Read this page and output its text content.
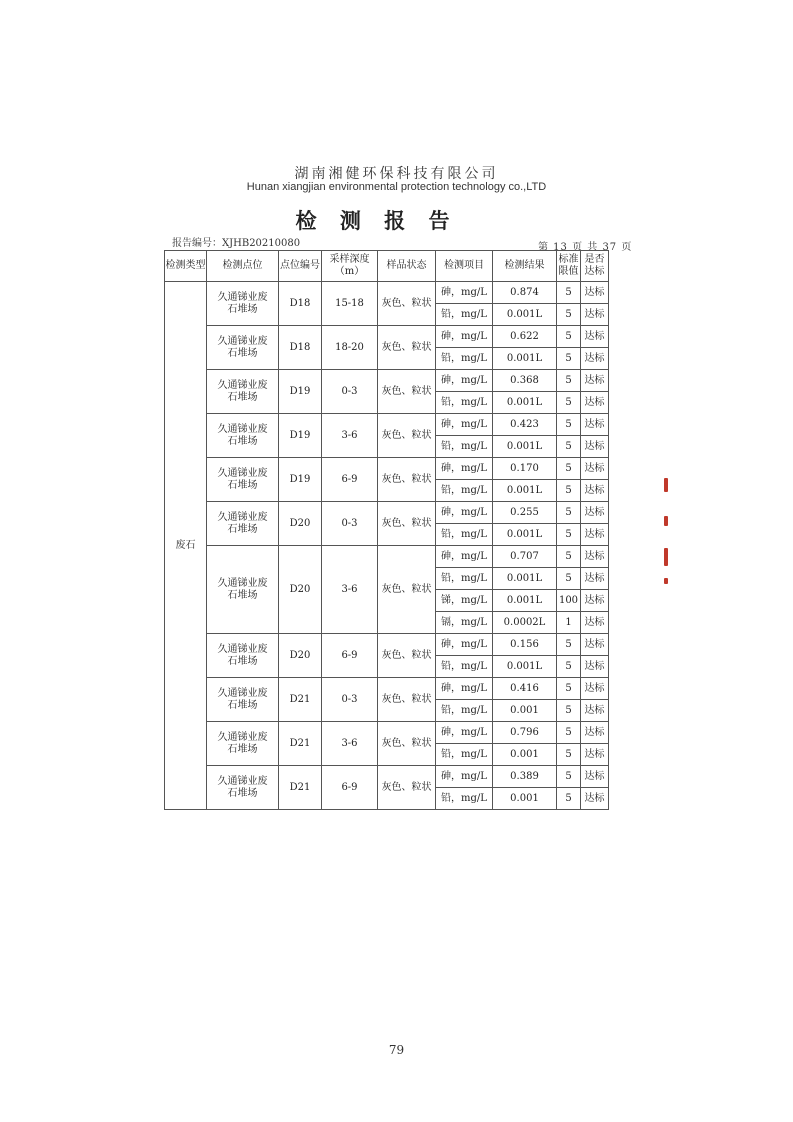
湖南湘健环保科技有限公司
Hunan xiangjian environmental protection technology co.,LTD
检 测 报 告
报告编号：XJHB20210080	第 13 页 共 37 页
检测类型	检测点位	点位编号	采样深度（m）	样品状态	检测项目	检测结果	标准限值	是否达标
废石	久通锑业废石堆场	D18	15-18	灰色、粒状	砷，mg/L	0.874	5	达标
					铅，mg/L	0.001L	5	达标
	久通锑业废石堆场	D18	18-20	灰色、粒状	砷，mg/L	0.622	5	达标
					铅，mg/L	0.001L	5	达标
	久通锑业废石堆场	D19	0-3	灰色、粒状	砷，mg/L	0.368	5	达标
					铅，mg/L	0.001L	5	达标
	久通锑业废石堆场	D19	3-6	灰色、粒状	砷，mg/L	0.423	5	达标
					铅，mg/L	0.001L	5	达标
	久通锑业废石堆场	D19	6-9	灰色、粒状	砷，mg/L	0.170	5	达标
					铅，mg/L	0.001L	5	达标
	久通锑业废石堆场	D20	0-3	灰色、粒状	砷，mg/L	0.255	5	达标
					铅，mg/L	0.001L	5	达标
	久通锑业废石堆场	D20	3-6	灰色、粒状	砷，mg/L	0.707	5	达标
					铅，mg/L	0.001L	5	达标
					锑，mg/L	0.001L	100	达标
					镉，mg/L	0.0002L	1	达标
	久通锑业废石堆场	D20	6-9	灰色、粒状	砷，mg/L	0.156	5	达标
					铅，mg/L	0.001L	5	达标
	久通锑业废石堆场	D21	0-3	灰色、粒状	砷，mg/L	0.416	5	达标
					铅，mg/L	0.001	5	达标
	久通锑业废石堆场	D21	3-6	灰色、粒状	砷，mg/L	0.796	5	达标
					铅，mg/L	0.001	5	达标
	久通锑业废石堆场	D21	6-9	灰色、粒状	砷，mg/L	0.389	5	达标
					铅，mg/L	0.001	5	达标
79
